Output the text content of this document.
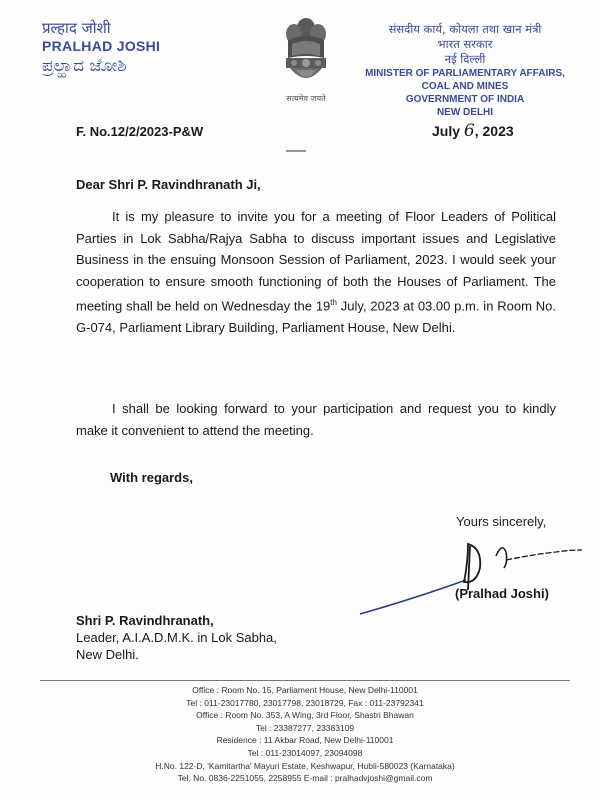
प्रल्हाद जोशी
PRALHAD JOSHI
ಪ್ರಲ್ಹಾದ ಜೋಶಿ
सत्यमेव जयते
संसदीय कार्य, कोयला तथा खान मंत्री
भारत सरकार
नई दिल्ली
MINISTER OF PARLIAMENTARY AFFAIRS,
COAL AND MINES
GOVERNMENT OF INDIA
NEW DELHI
F. No.12/2/2023-P&W	July 6, 2023
Dear Shri P. Ravindhranath Ji,

It is my pleasure to invite you for a meeting of Floor Leaders of Political Parties in Lok Sabha/Rajya Sabha to discuss important issues and Legislative Business in the ensuing Monsoon Session of Parliament, 2023. I would seek your cooperation to ensure smooth functioning of both the Houses of Parliament. The meeting shall be held on Wednesday the 19th July, 2023 at 03.00 p.m. in Room No. G-074, Parliament Library Building, Parliament House, New Delhi.

I shall be looking forward to your participation and request you to kindly make it convenient to attend the meeting.

With regards,
Yours sincerely,
(Pralhad Joshi)
Shri P. Ravindhranath,
Leader, A.I.A.D.M.K. in Lok Sabha,
New Delhi.
Office : Room No. 15, Parliament House, New Delhi-110001
Tel : 011-23017780, 23017798, 23018729, Fax : 011-23792341
Office : Room No. 353, A Wing, 3rd Floor, Shastri Bhawan
Tel : 23387277, 23383109
Residence : 11 Akbar Road, New Delhi-110001
Tel : 011-23014097, 23094098
H.No. 122-D, 'Kamitartha' Mayuri Estate, Keshwapur, Hubli-580023 (Karnataka)
Tel. No. 0836-2251055, 2258955 E-mail : pralhadvjoshi@gmail.com
